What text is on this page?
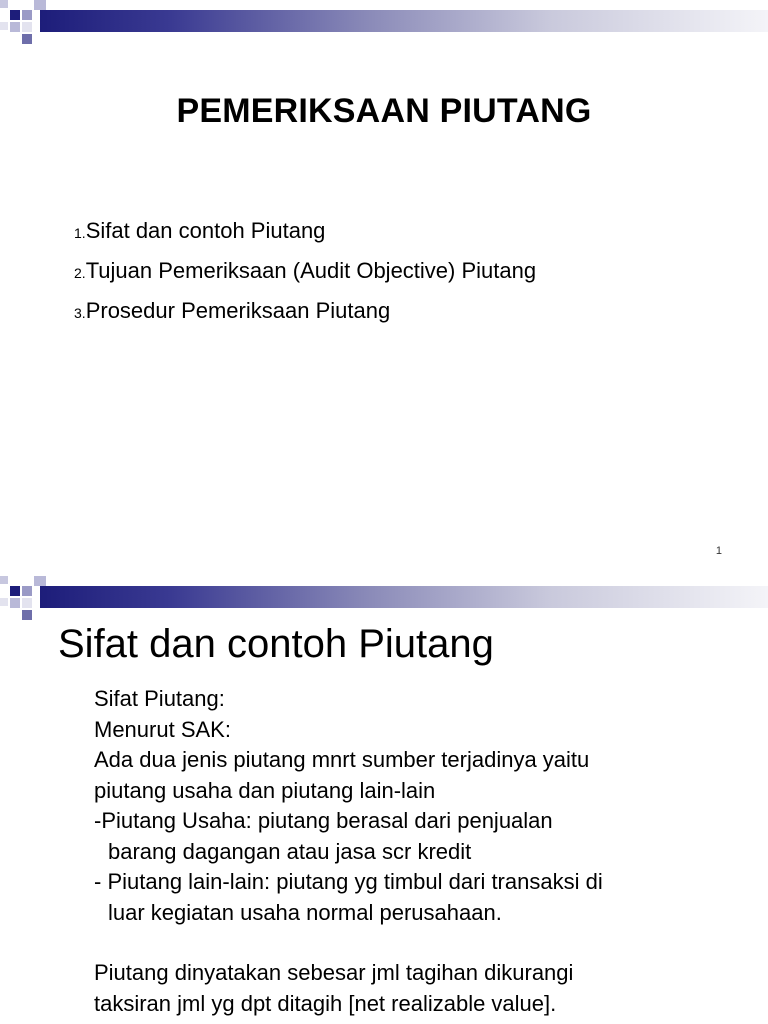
PEMERIKSAAN PIUTANG
1.Sifat dan contoh Piutang
2.Tujuan Pemeriksaan (Audit Objective) Piutang
3.Prosedur Pemeriksaan Piutang
1
Sifat dan contoh Piutang

Sifat Piutang:

Menurut SAK:

Ada dua jenis piutang mnrt sumber terjadinya yaitu

piutang usaha dan piutang lain-lain

-Piutang Usaha: piutang berasal dari penjualan

barang dagangan atau jasa scr kredit

- Piutang lain-lain: piutang yg timbul dari transaksi di

luar kegiatan usaha normal perusahaan.

Piutang dinyatakan sebesar jml tagihan dikurangi

taksiran jml yg dpt ditagih [net realizable value].
